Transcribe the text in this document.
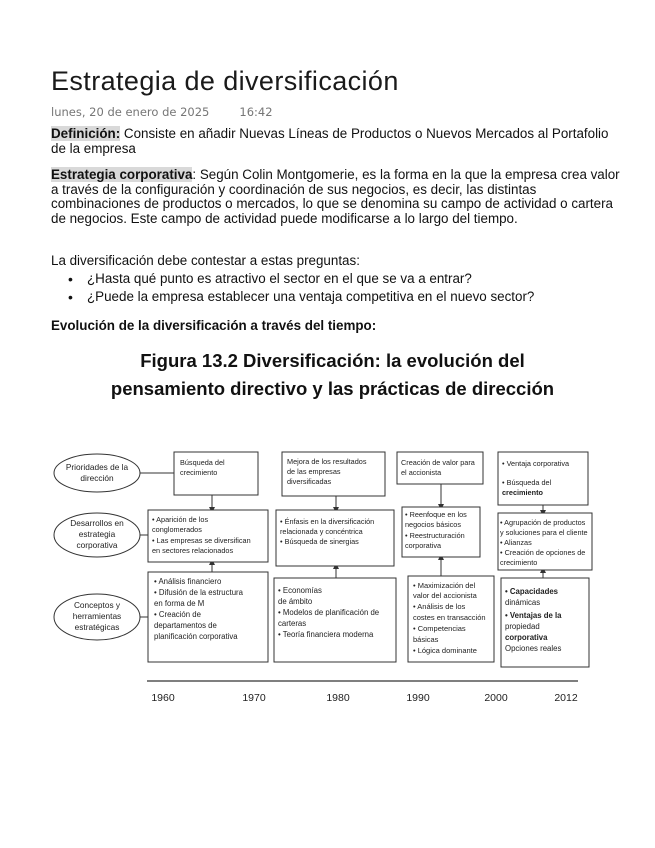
Estrategia de diversificación
lunes, 20 de enero de 2025	16:42

Definición: Consiste en añadir Nuevas Líneas de Productos o Nuevos Mercados al Portafolio de la empresa

Estrategia corporativa: Según Colin Montgomerie, es la forma en la que la empresa crea valor a través de la configuración y coordinación de sus negocios, es decir, las distintas combinaciones de productos o mercados, lo que se denomina su campo de actividad o cartera de negocios. Este campo de actividad puede modificarse a lo largo del tiempo.

La diversificación debe contestar a estas preguntas:

• ¿Hasta qué punto es atractivo el sector en el que se va a entrar?
• ¿Puede la empresa establecer una ventaja competitiva en el nuevo sector?

Evolución de la diversificación a través del tiempo:

Figura 13.2 Diversificación: la evolución del
pensamiento directivo y las prácticas de dirección
Prioridades de la
dirección
Desarrollos en
estrategia
corporativa
Conceptos y
herramientas
estratégicas
Búsqueda del
crecimiento
Mejora de los resultados
de las empresas
diversificadas
Creación de valor para
el accionista
• Ventaja corporativa
• Búsqueda del
crecimiento
• Aparición de los
conglomerados
• Las empresas se diversifican
en sectores relacionados
• Énfasis en la diversificación
relacionada y concéntrica
• Búsqueda de sinergias
• Reenfoque en los
negocios básicos
• Reestructuración
corporativa
• Agrupación de productos
y soluciones para el cliente
• Alianzas
• Creación de opciones de
crecimiento
• Análisis financiero
• Difusión de la estructura
en forma de M
• Creación de
departamentos de
planificación corporativa
• Economías
de ámbito
• Modelos de planificación de
carteras
• Teoría financiera moderna
• Maximización del
valor del accionista
• Análisis de los
costes en transacción
• Competencias
básicas
• Lógica dominante
• Capacidades
dinámicas
• Ventajas de la
propiedad
corporativa
Opciones reales
1960	1970	1980	1990	2000	2012
